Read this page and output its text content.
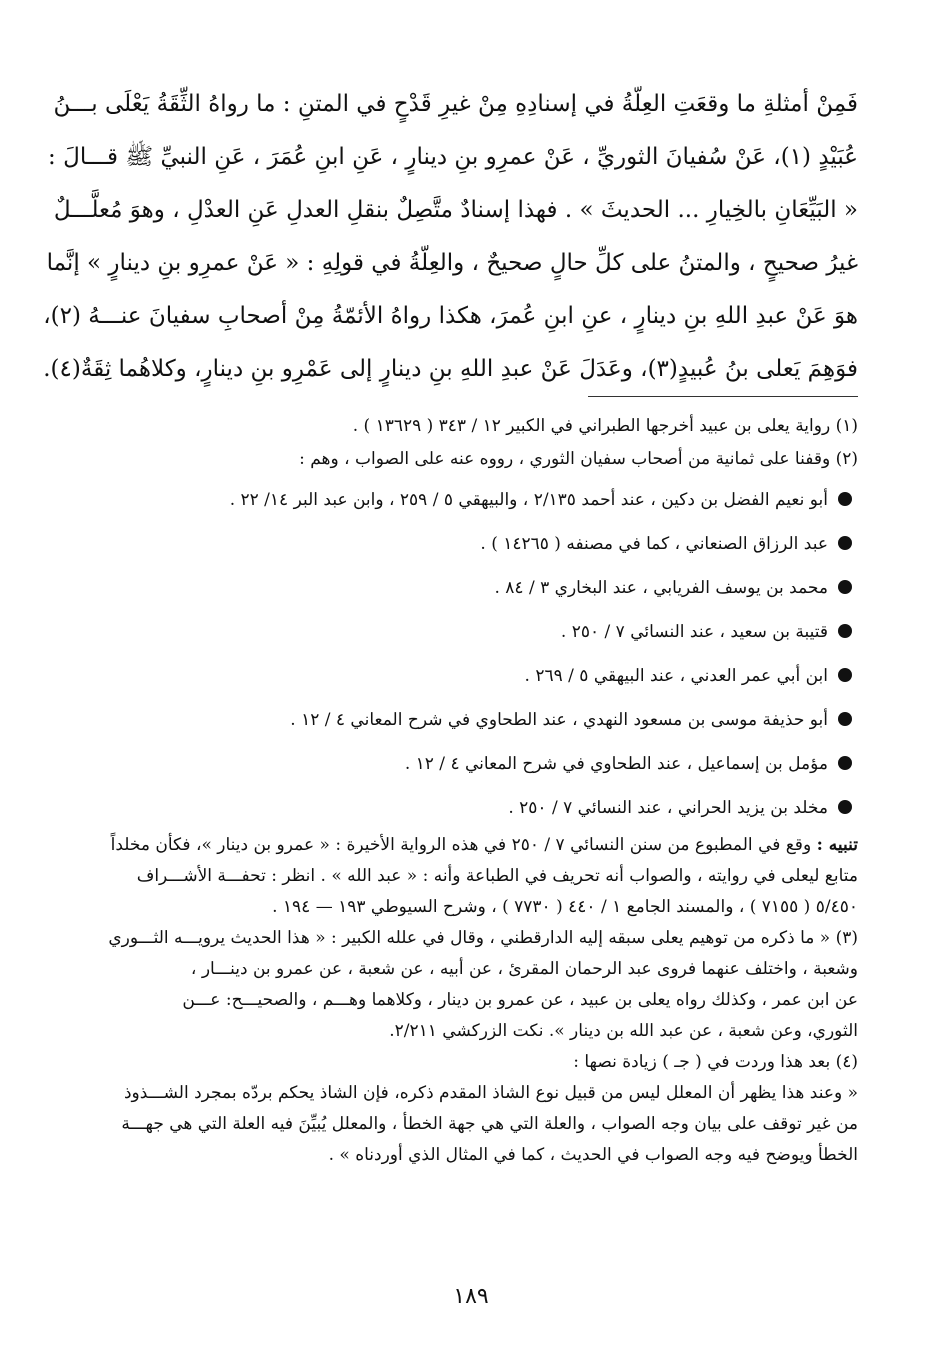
فَمِنْ أمثلةِ ما وقعَتِ العِلّةُ في إسنادِهِ مِنْ غيرِ قَدْحٍ في المتنِ : ما رواهُ الثِّقَةُ يَعْلَى بـــنُ

عُبَيْدٍ (١)، عَنْ سُفيانَ الثوريِّ ، عَنْ عمرِو بنِ دينارٍ ، عَنِ ابنِ عُمَرَ ، عَنِ النبيِّ ﷺ قـــالَ :

« البَيِّعَانِ بالخِيارِ ... الحديثَ » . فهذا إسنادٌ متَّصِلٌ بنقلِ العدلِ عَنِ العدْلِ ، وهوَ مُعلَّـــلٌ

غيرُ صحيحٍ ، والمتنُ على كلِّ حالٍ صحيحٌ ، والعِلّةُ في قولِهِ : « عَنْ عمرِو بنِ دينارٍ » إنَّما

هوَ عَنْ عبدِ اللهِ بنِ دينارٍ ، عنِ ابنِ عُمرَ، هكذا رواهُ الأئمّةُ مِنْ أصحابِ سفيانَ عنـــهُ (٢)،

فوَهِمَ يَعلى بنُ عُبيدٍ(٣)، وعَدَلَ عَنْ عبدِ اللهِ بنِ دينارٍ إلى عَمْرِو بنِ دينارٍ، وكلاهُما ثِقَةٌ(٤).

(١) رواية يعلى بن عبيد أخرجها الطبراني في الكبير ١٢ / ٣٤٣ ( ١٣٦٢٩ ) .

(٢) وقفنا على ثمانية من أصحاب سفيان الثوري ، رووه عنه على الصواب ، وهم :

أبو نعيم الفضل بن دكين ، عند أحمد ٢/١٣٥ ، والبيهقي ٥ / ٢٥٩ ، وابن عبد البر ١٤/ ٢٢ .
عبد الرزاق الصنعاني ، كما في مصنفه ( ١٤٢٦٥ ) .
محمد بن يوسف الفريابي ، عند البخاري ٣ / ٨٤ .
قتيبة بن سعيد ، عند النسائي ٧ / ٢٥٠ .
ابن أبي عمر العدني ، عند البيهقي ٥ / ٢٦٩ .
أبو حذيفة موسى بن مسعود النهدي ، عند الطحاوي في شرح المعاني ٤ / ١٢ .
مؤمل بن إسماعيل ، عند الطحاوي في شرح المعاني ٤ / ١٢ .
مخلد بن يزيد الحراني ، عند النسائي ٧ / ٢٥٠ .
تنبيه : وقع في المطبوع من سنن النسائي ٧ / ٢٥٠ في هذه الرواية الأخيرة : « عمرو بن دينار »، فكأن مخلداً
متابع ليعلى في روايته ، والصواب أنه تحريف في الطباعة وأنه : « عبد الله » . انظر : تحفـــة الأشـــراف
٥/٤٥٠ ( ٧١٥٥ ) ، والمسند الجامع ١ / ٤٤٠ ( ٧٧٣٠ ) ، وشرح السيوطي ١٩٣ — ١٩٤ .
(٣) « ما ذكره من توهيم يعلى سبقه إليه الدارقطني ، وقال في علله الكبير : « هذا الحديث يرويـــه الثـــوري
وشعبة ، واختلف عنهما فروى عبد الرحمان المقرئ ، عن أبيه ، عن شعبة ، عن عمرو بن دينـــار ،
عن ابن عمر ، وكذلك رواه يعلى بن عبيد ، عن عمرو بن دينار ، وكلاهما وهـــم ، والصحيـــح: عـــن
الثوري، وعن شعبة ، عن عبد الله بن دينار ». نكت الزركشي ٢/٢١١.
(٤) بعد هذا وردت في ( جـ ) زيادة نصها :
« وعند هذا يظهر أن المعلل ليس من قبيل نوع الشاذ المقدم ذكره، فإن الشاذ يحكم بردّه بمجرد الشـــذوذ
من غير توقف على بيان وجه الصواب ، والعلة التي هي جهة الخطأ ، والمعلل يُبيِّنَ فيه العلة التي هي جهـــة
الخطأ ويوضح فيه وجه الصواب في الحديث ، كما في المثال الذي أوردناه » .
١٨٩
